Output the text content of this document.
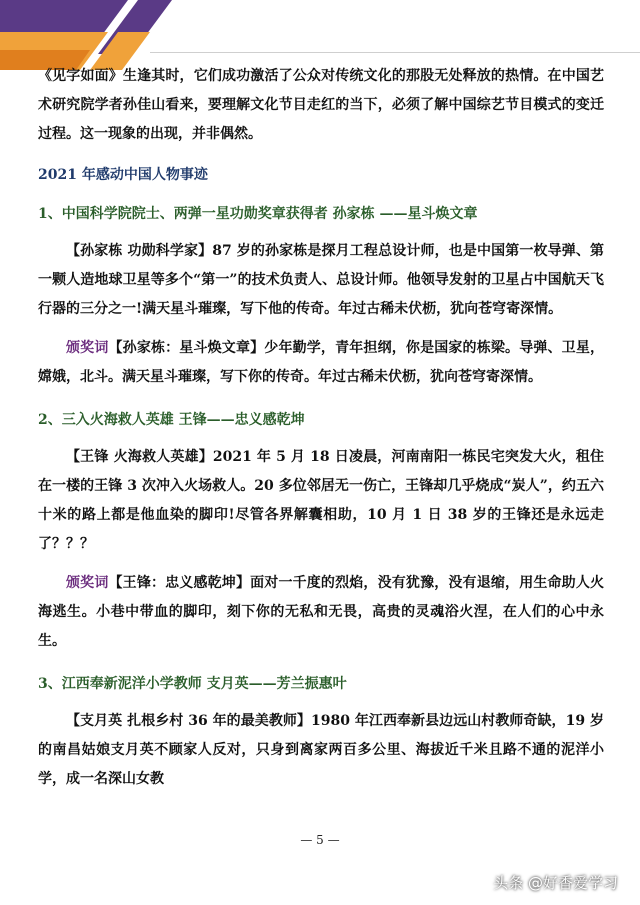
《见字如面》生逢其时，它们成功激活了公众对传统文化的那股无处释放的热情。在中国艺术研究院学者孙佳山看来，要理解文化节目走红的当下，必须了解中国综艺节目模式的变迁过程。这一现象的出现，并非偶然。

2021 年感动中国人物事迹

1、中国科学院院士、两弹一星功勋奖章获得者 孙家栋 ——星斗焕文章

【孙家栋 功勋科学家】87 岁的孙家栋是探月工程总设计师，也是中国第一枚导弹、第一颗人造地球卫星等多个“第一”的技术负责人、总设计师。他领导发射的卫星占中国航天飞行器的三分之一!满天星斗璀璨，写下他的传奇。年过古稀未伏枥，犹向苍穹寄深情。

颁奖词【孙家栋：星斗焕文章】少年勤学，青年担纲，你是国家的栋梁。导弹、卫星，嫦娥，北斗。满天星斗璀璨，写下你的传奇。年过古稀未伏枥，犹向苍穹寄深情。

2、三入火海救人英雄 王锋——忠义感乾坤

【王锋 火海救人英雄】2021 年 5 月 18 日凌晨，河南南阳一栋民宅突发大火，租住在一楼的王锋 3 次冲入火场救人。20 多位邻居无一伤亡，王锋却几乎烧成“炭人”，约五六十米的路上都是他血染的脚印!尽管各界解囊相助，10 月 1 日 38 岁的王锋还是永远走了？？？

颁奖词【王锋：忠义感乾坤】面对一千度的烈焰，没有犹豫，没有退缩，用生命助人火海逃生。小巷中带血的脚印，刻下你的无私和无畏，高贵的灵魂浴火涅，在人们的心中永生。

3、江西奉新泥洋小学教师 支月英——芳兰振惠叶

【支月英 扎根乡村 36 年的最美教师】1980 年江西奉新县边远山村教师奇缺，19 岁的南昌姑娘支月英不顾家人反对，只身到离家两百多公里、海拔近千米且路不通的泥洋小学，成一名深山女教

— 5 —
头条 @好香爱学习
